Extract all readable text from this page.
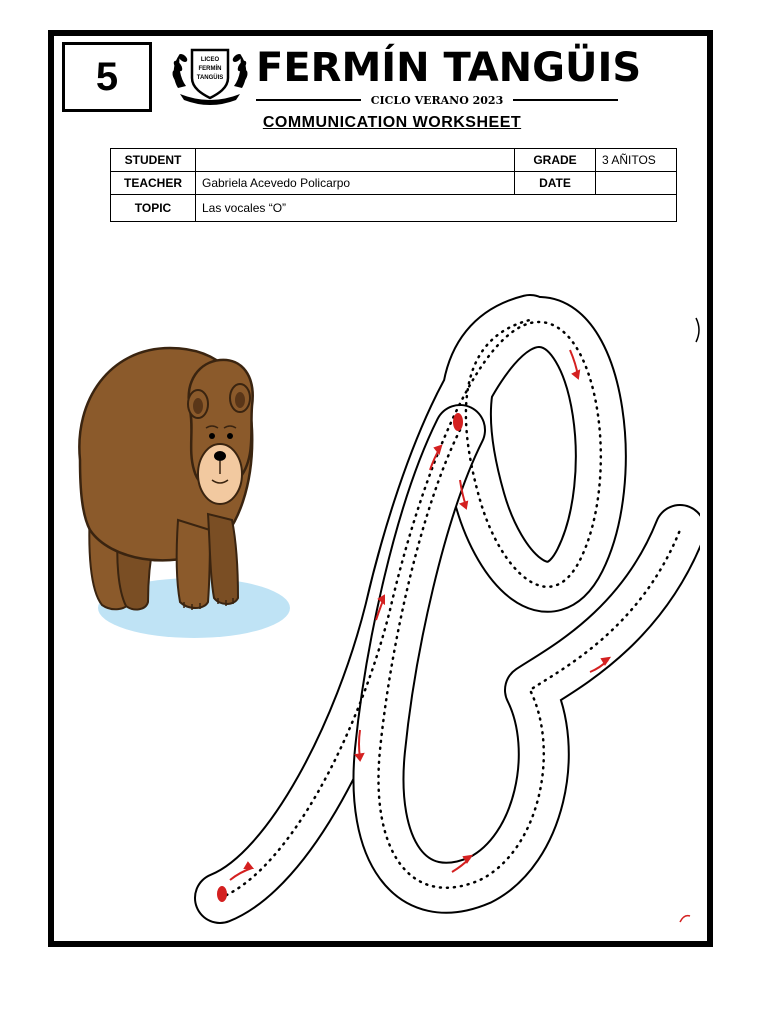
5	LICEO
FERMÍN
TANGÜIS FERMÍN TANGÜIS
CICLO VERANO 2023
COMMUNICATION WORKSHEET
STUDENT		GRADE	3 AÑITOS
TEACHER	Gabriela Acevedo Policarpo	DATE	
TOPIC	Las vocales “O”		
